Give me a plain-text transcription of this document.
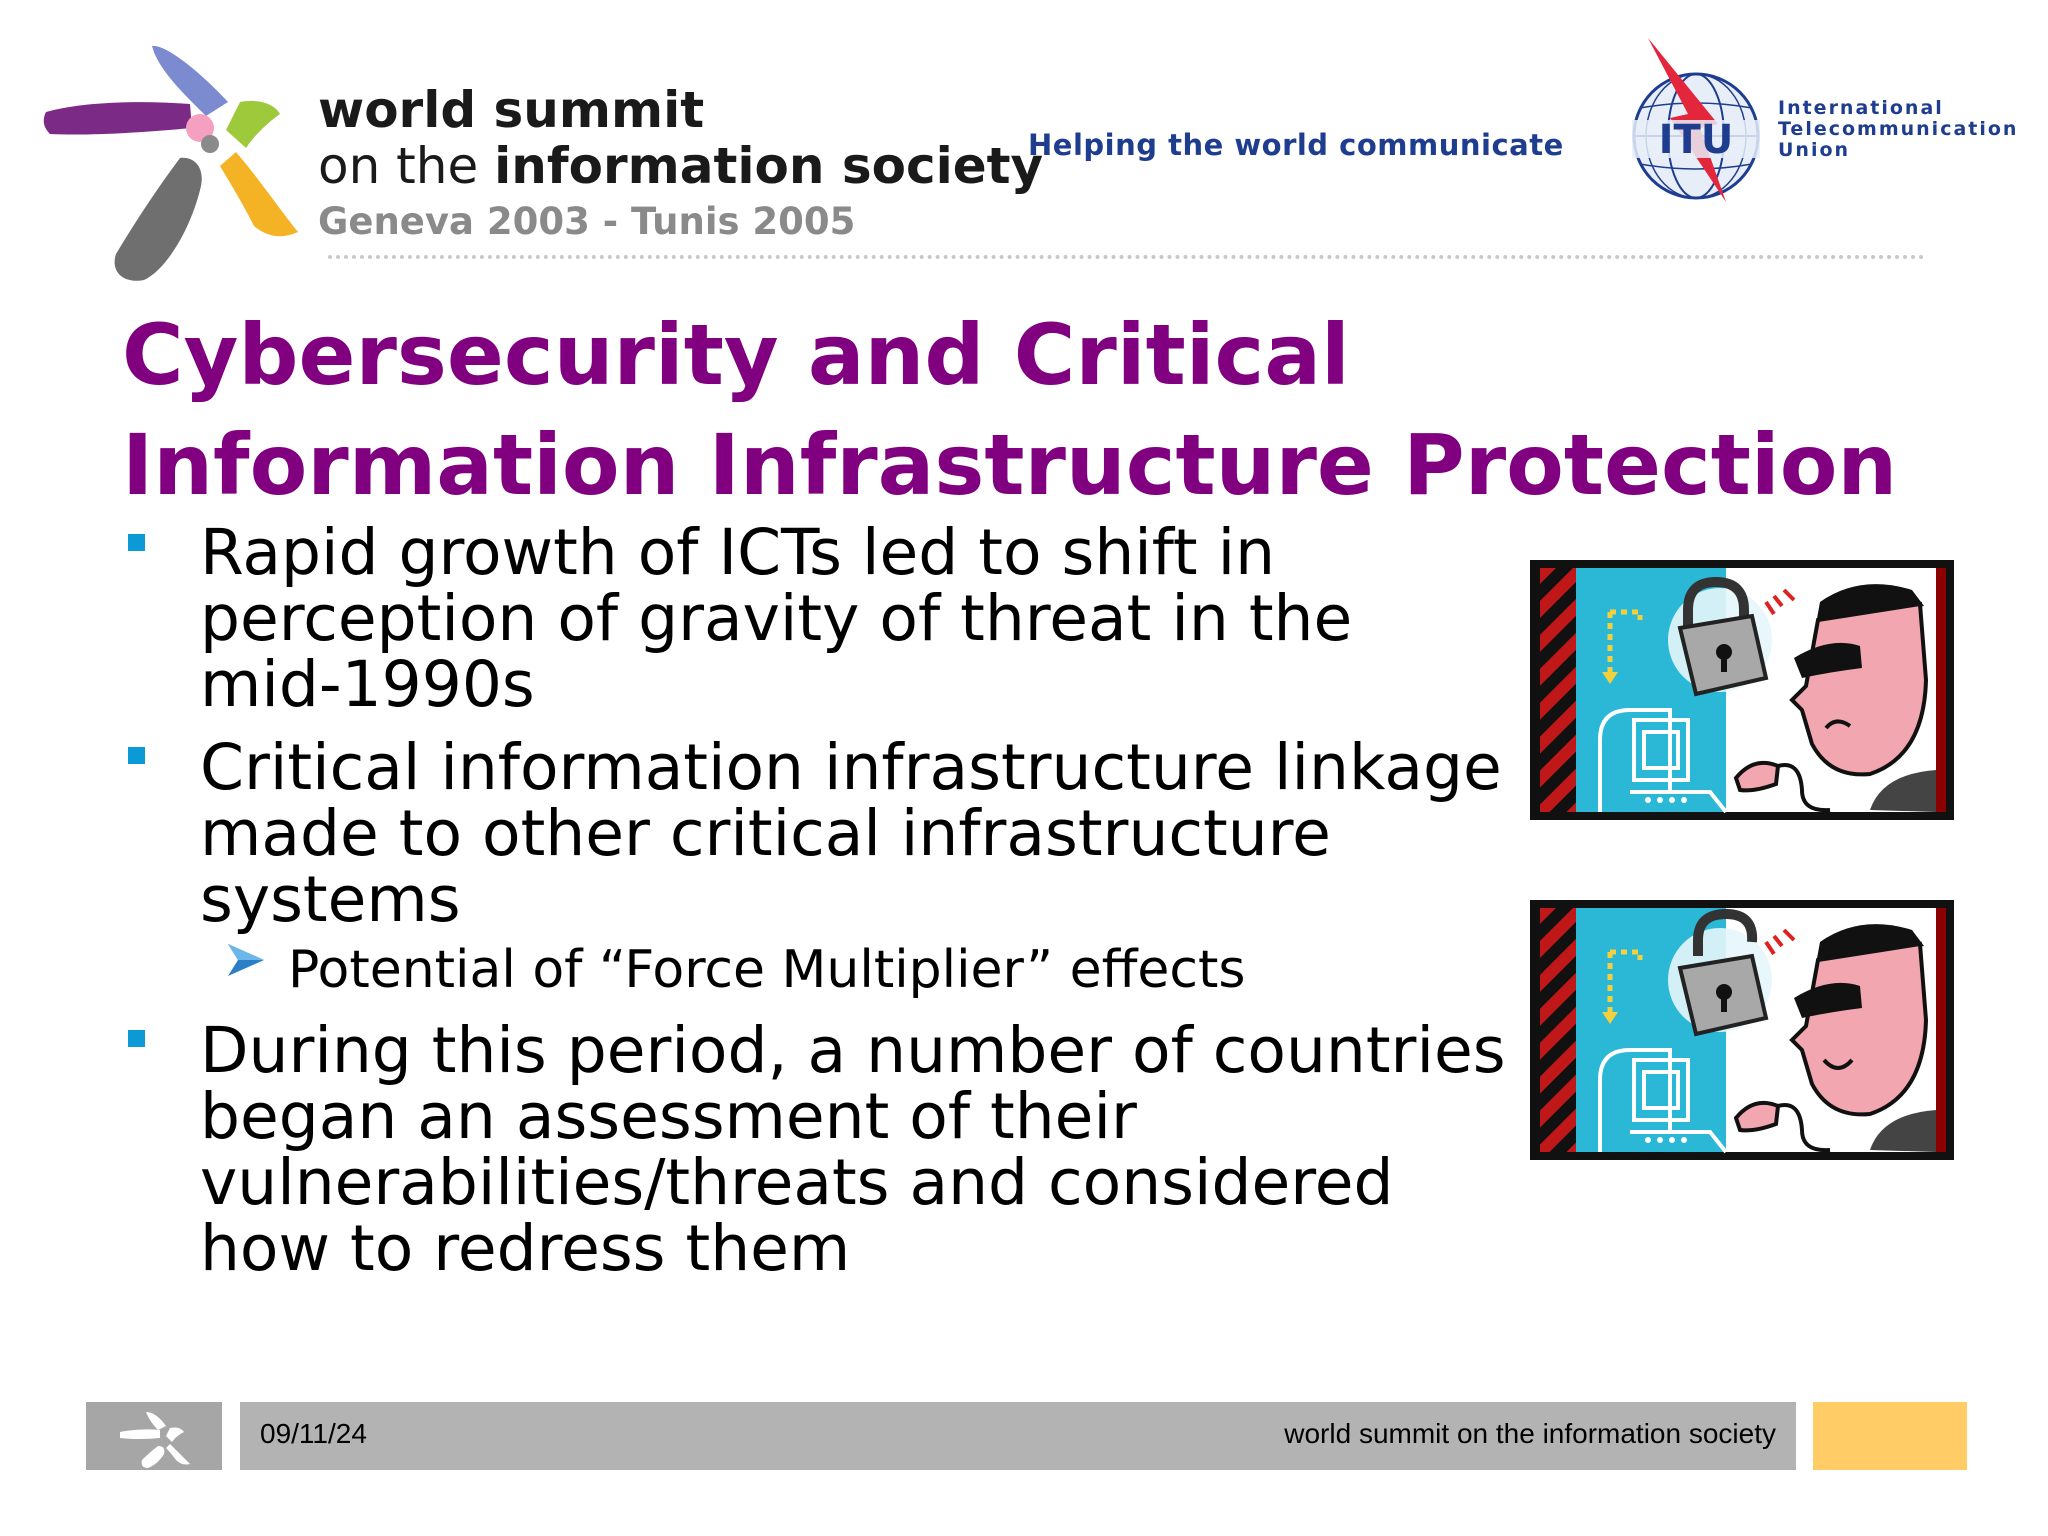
world summit
on the information society
Geneva 2003 - Tunis 2005
Helping the world communicate ITU
International
Telecommunication
Union
Cybersecurity and Critical Information Infrastructure Protection
Rapid growth of ICTs led to shift in perception of gravity of threat in the mid-1990s
Critical information infrastructure linkage made to other critical infrastructure systems
Potential of “Force Multiplier” effects
During this period, a number of countries began an assessment of their vulnerabilities/threats and considered how to redress them
09/11/24	world summit on the information society
